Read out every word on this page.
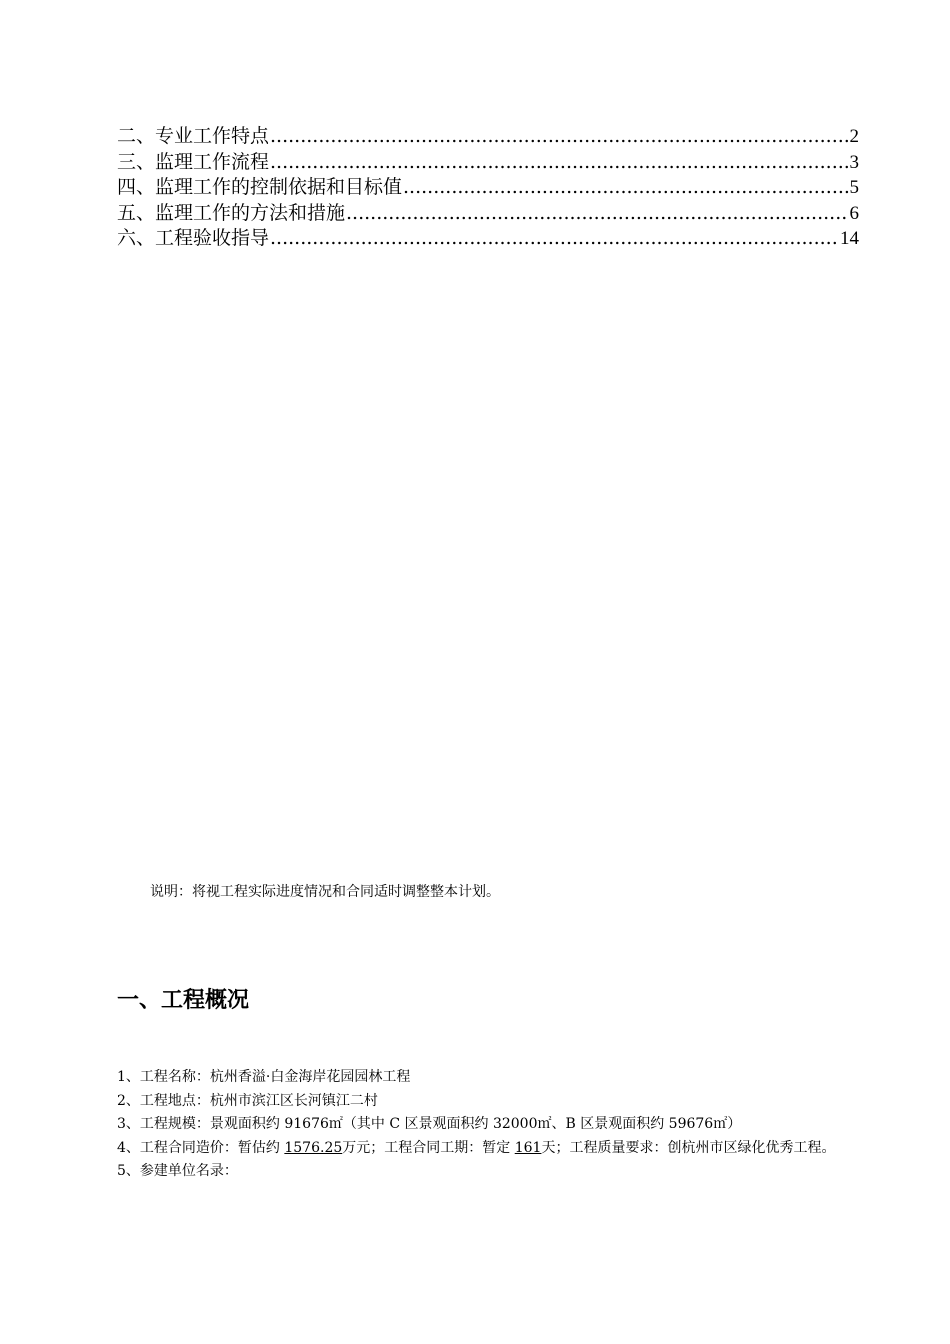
二、专业工作特点 .....	2
三、监理工作流程 .....	3
四、监理工作的控制依据和目标值 .....	5
五、监理工作的方法和措施 .....	6
六、工程验收指导 .....	14
说明：将视工程实际进度情况和合同适时调整整本计划。
一、工程概况

1、工程名称：杭州香溢·白金海岸花园园林工程

2、工程地点：杭州市滨江区长河镇江二村

3、工程规模：景观面积约 91676㎡（其中 C 区景观面积约 32000㎡、B 区景观面积约 59676㎡）

4、工程合同造价：暂估约 1576.25万元；工程合同工期：暂定 161天；工程质量要求：创杭州市区绿化优秀工程。

5、参建单位名录：
